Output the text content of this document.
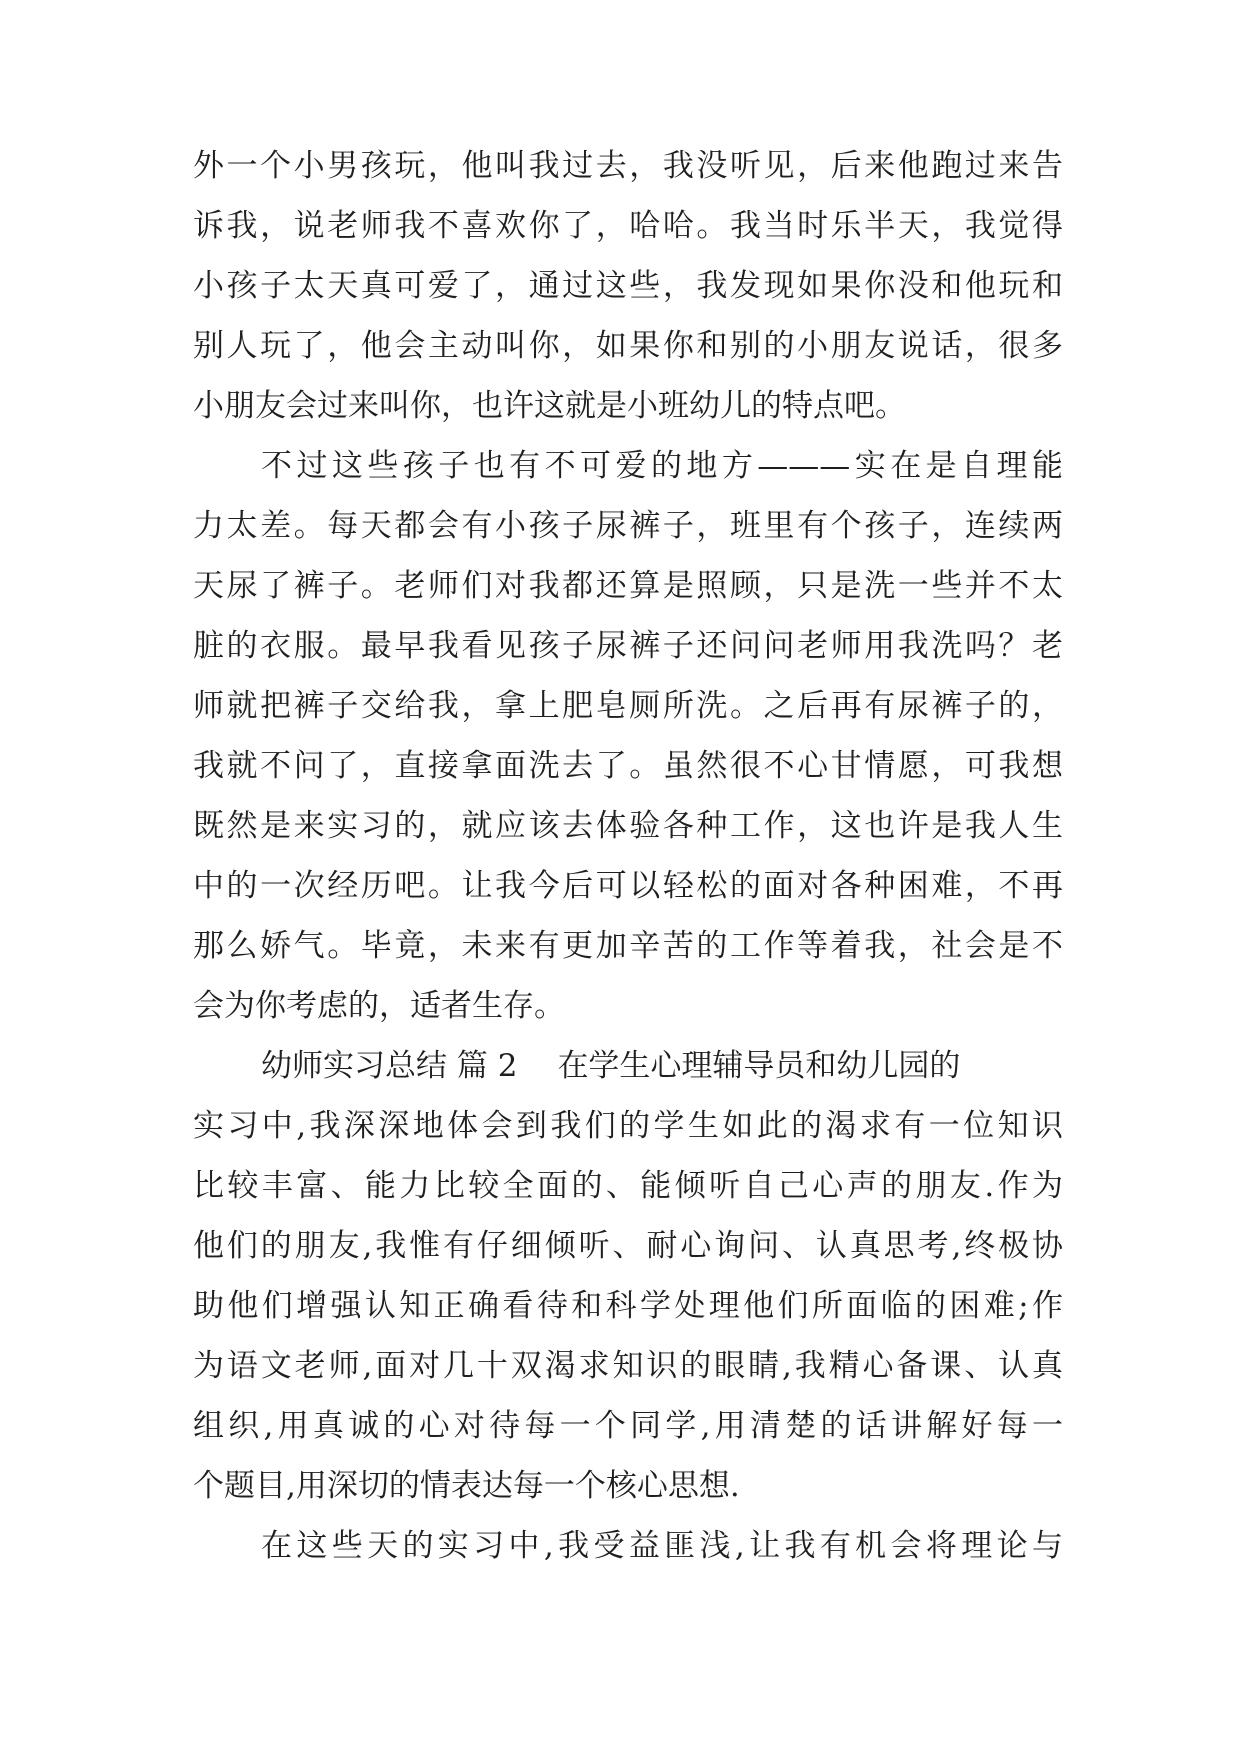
外一个小男孩玩，他叫我过去，我没听见，后来他跑过来告
诉我，说老师我不喜欢你了，哈哈。我当时乐半天，我觉得
小孩子太天真可爱了，通过这些，我发现如果你没和他玩和
别人玩了，他会主动叫你，如果你和别的小朋友说话，很多
小朋友会过来叫你，也许这就是小班幼儿的特点吧。
不过这些孩子也有不可爱的地方———实在是自理能
力太差。每天都会有小孩子尿裤子，班里有个孩子，连续两
天尿了裤子。老师们对我都还算是照顾，只是洗一些并不太
脏的衣服。最早我看见孩子尿裤子还问问老师用我洗吗？老
师就把裤子交给我，拿上肥皂厕所洗。之后再有尿裤子的，
我就不问了，直接拿面洗去了。虽然很不心甘情愿，可我想
既然是来实习的，就应该去体验各种工作，这也许是我人生
中的一次经历吧。让我今后可以轻松的面对各种困难，不再
那么娇气。毕竟，未来有更加辛苦的工作等着我，社会是不
会为你考虑的，适者生存。
幼师实习总结 篇 2 在学生心理辅导员和幼儿园的
实习中,我深深地体会到我们的学生如此的渴求有一位知识
比较丰富、能力比较全面的、能倾听自己心声的朋友.作为
他们的朋友,我惟有仔细倾听、耐心询问、认真思考,终极协
助他们增强认知正确看待和科学处理他们所面临的困难;作
为语文老师,面对几十双渴求知识的眼睛,我精心备课、认真
组织,用真诚的心对待每一个同学,用清楚的话讲解好每一
个题目,用深切的情表达每一个核心思想.
在这些天的实习中,我受益匪浅,让我有机会将理论与
